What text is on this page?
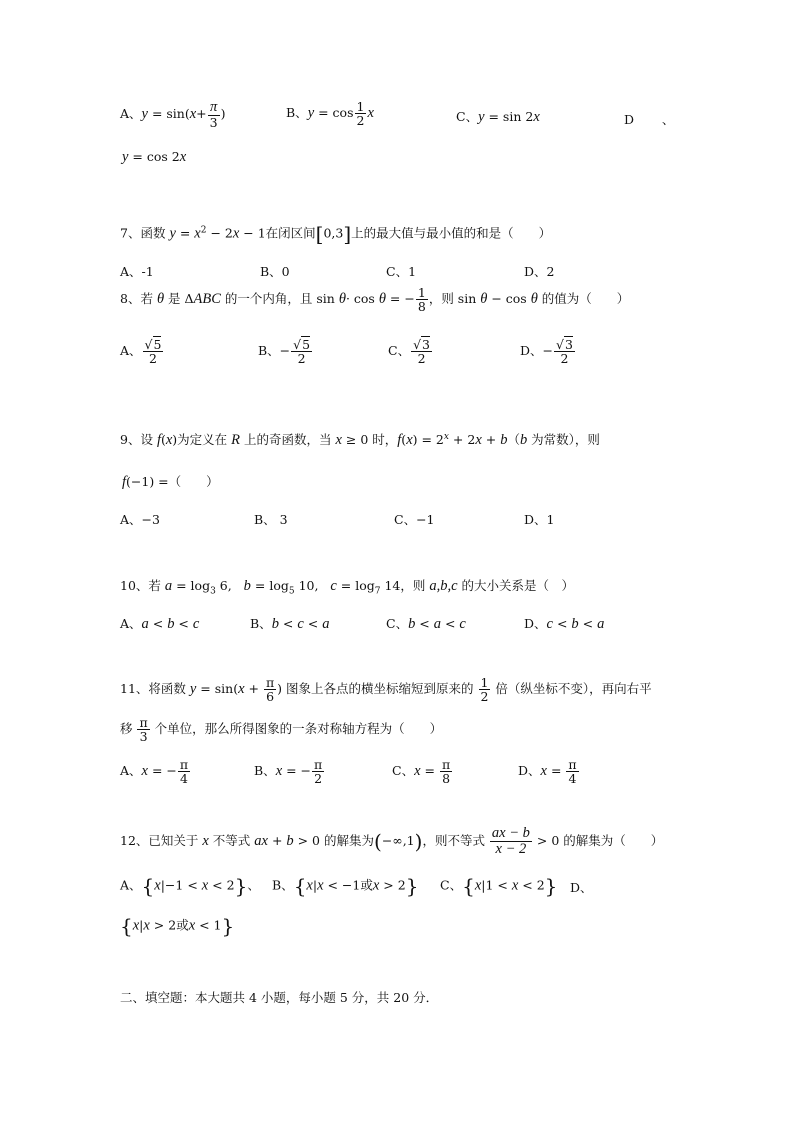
A、$y = \sin(x+ \frac{\pi}{3}$ )	B、$y = \cos \frac{1}{2}$ x	C、y = sin 2x	D       、
y = cos 2x
7、函数 $y = x^2 - 2x - 1$在闭区间[0,3]上的最大值与最小值的和是（　　）
A、-1	B、0	C、1	D、2
8、若 θ 是 ΔABC 的一个内角，且 sin θ· cos θ = − $\frac{1}{8}$ ，则 sin θ − cos θ 的值为（　　）
A、 $\frac{√5}{2}$	B、− $\frac{√5}{2}$	C、 $\frac{√3}{2}$	D、− $\frac{√3}{2}$
9、设 f(x)为定义在 R 上的奇函数，当 x ≥ 0 时，$f(x) = 2^x + 2x + b(b$ 为常数），则
f(−1) =（　　）
A、−3	B、 3	C、−1	D、1
10、若 $a = \log_3 6$,   $b = \log_5 10$,   $c = \log_7 14$，则 a,b,c 的大小关系是（　）
A、a < b < c	B、b < c < a	C、b < a < c	D、c < b < a
11、将函数 $y = \sin(x + \frac{\pi}{6}$ ) 图象上各点的横坐标缩短到原来的 $\frac{1}{2}$ 倍（纵坐标不变），再向右平
移 $\frac{\pi}{3}$ 个单位，那么所得图象的一条对称轴方程为（　　）
A、x = − $\frac{\pi}{4}$	B、x = − $\frac{\pi}{2}$	C、$x = \frac{\pi}{8}$	D、$x = \frac{\pi}{4}$
12、已知关于 x 不等式 ax + b > 0 的解集为(−∞,1)，则不等式 $\frac{ax - b}{x - 2} > 0$ 的解集为（　　）
A、{x|−1 < x < 2}、 B、{x|x < −1或x > 2} C、{x|1 < x < 2} D、
{x|x > 2或x < 1}
二、填空题：本大题共 4 小题，每小题 5 分，共 20 分．
